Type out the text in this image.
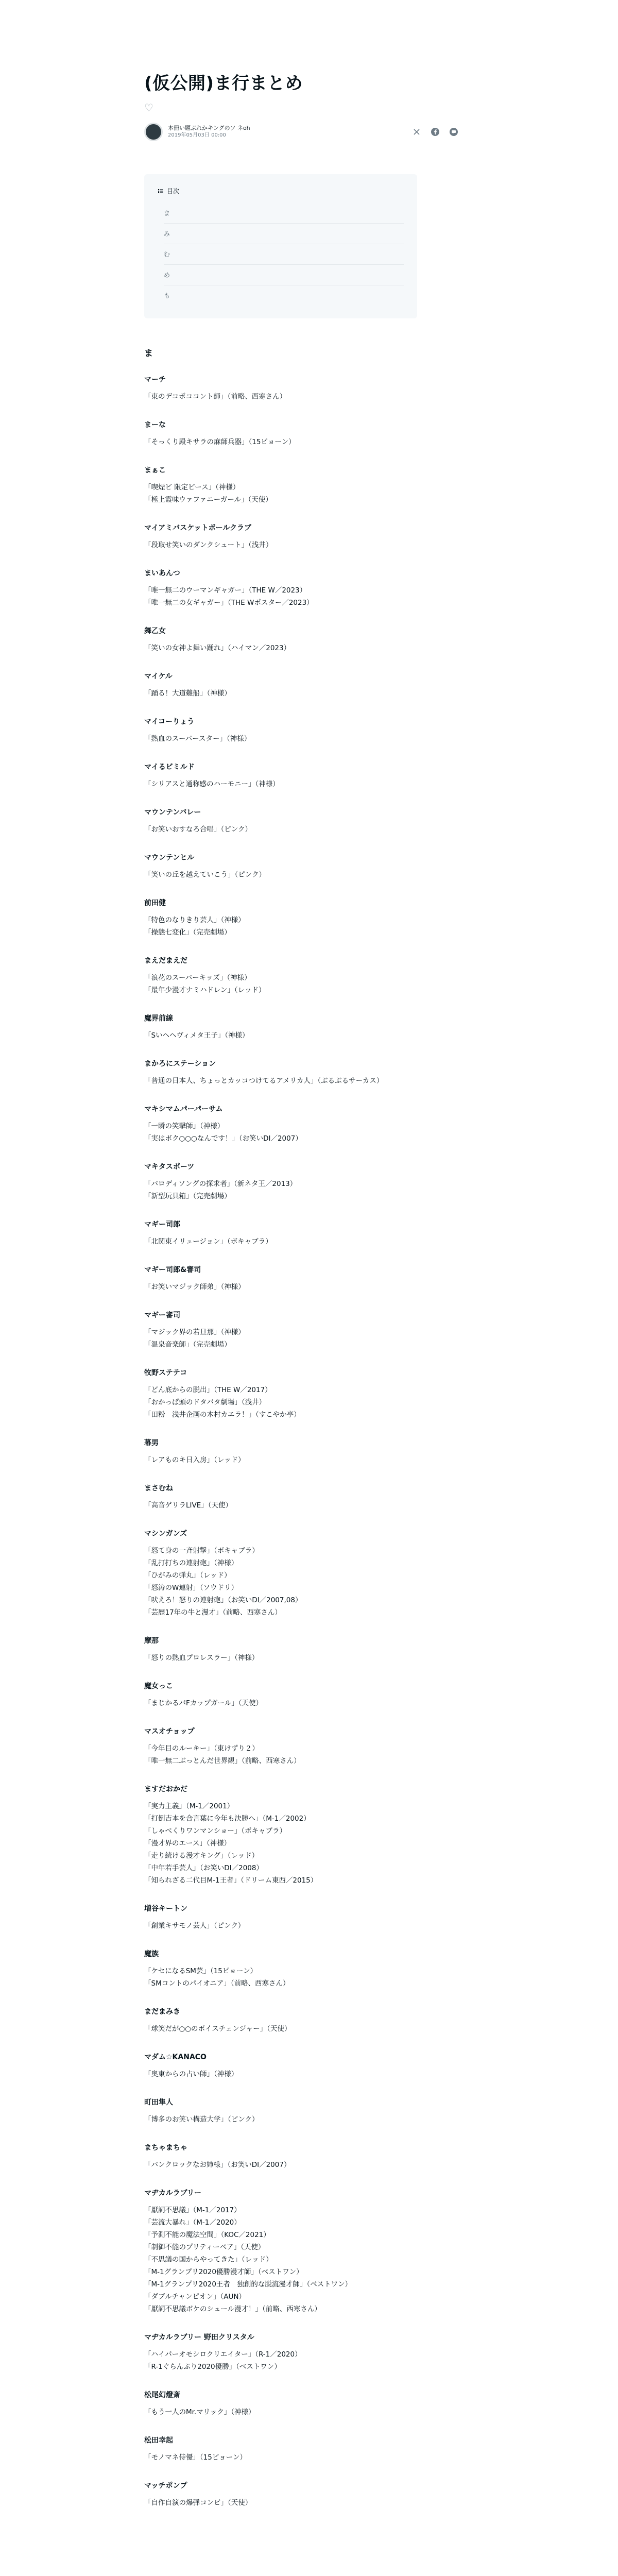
(仮公開)ま行まとめ
♡
本冊い題ぶれかキングのソ ネoh
2019年05月03日 00:00
目次
ま
み
む
め
も
ま
マーチ
「東のデコポココント師」（前略、西寒さん）
まーな
「そっくり殿キサラの麻師兵器」（15ピョーン）
まぁこ
「喫煙ビ 限定ピース」（神様）
「極上霞味ウァファニーガール」（天使）
マイアミバスケットボールクラブ
「段取せ笑いのダンクシュート」（浅井）
まいあんつ
「唯一無二のウーマンギャガー」（THE W／2023）
「唯一無二の女ギャガー」（THE Wポスター／2023）
舞乙女
「笑いの女神よ舞い踊れ」（ハイマン／2023）
マイケル
「踊る！大道難船」（神様）
マイコーりょう
「熱血のスーパースター」（神様）
マイるビミルド
「シリアスと通称感のハーモニー」（神様）
マウンテンバレー
「お笑いおすなろ合唱」（ピンク）
マウンテンヒル
「笑いの丘を越えていこう」（ピンク）
前田健
「特色のなりきり芸人」（神様）
「操態七変化」（完売劇場）
まえだまえだ
「浪花のスーパーキッズ」（神様）
「最年少漫才ナミハドレン」（レッド）
魔界前線
「Sいヘヘヴィメタ王子」（神様）
まかろにステーション
「普通の日本人、ちょっとカッコつけてるアメリカ人」（ぶるぶるサーカス）
マキシマムパーパーサム
「一瞬の笑撃師」（神様）
「実はボク○○○なんです！」（お笑いDI／2007）
マキタスポーツ
「パロディソングの探求者」（新ネタ王／2013）
「新型玩具箱」（完売劇場）
マギー司郎
「北関東イリュージョン」（ボキャブラ）
マギー司郎&審司
「お笑いマジック師弟」（神様）
マギー審司
「マジック界の若旦那」（神様）
「温泉音楽師」（完売劇場）
牧野ステテコ
「どん底からの脱出」（THE W／2017）
「おかっぱ頭のドタバタ劇場」（浅井）
「田粉　浅井企画の木村カエラ！」（すこやか亭）
幕男
「レアものキ日入房」（レッド）
まさむね
「高音ゲリラLIVE」（天使）
マシンガンズ
「怒て身の一斉射撃」（ボキャブラ）
「乱打打ちの連射砲」（神様）
「ひがみの弾丸」（レッド）
「怒涛のW連射」（ソウドリ）
「吠えろ！怒りの連射砲」（お笑いDI／2007,08）
「芸歴17年の牛と漫才」（前略、西寒さん）
摩那
「怒りの熱血プロレスラー」（神様）
魔女っこ
「まじかるパFカップガール」（天使）
マスオチョップ
「今年目のルーキー」（東けずり２）
「唯一無二ぶっとんだ世界観」（前略、西寒さん）
ますだおかだ
「実力主義」（M-1／2001）
「打倒吉本を合言葉に今年も決勝へ」（M-1／2002）
「しゃべくりワンマンショー」（ボキャブラ）
「漫才界のエース」（神様）
「走り続ける漫才キング」（レッド）
「中年若手芸人」（お笑いDI／2008）
「知られざる二代目M-1王者」（ドリーム東西／2015）
増谷キートン
「創業キサモノ芸人」（ピンク）
魔族
「ケセになるSM芸」（15ピョーン）
「SMコントのパイオニア」（前略、西寒さん）
まだまみき
「球笑だが○○のポイスチェンジャー」（天使）
マダム☆KANACO
「奥東からの占い師」（神様）
町田隼人
「博多のお笑い構造大学」（ピンク）
まちゃまちゃ
「パンクロックなお姉様」（お笑いDI／2007）
マヂカルラブリー
「厭詞不思議」（M-1／2017）
「芸流大暴れ」（M-1／2020）
「予測不能の魔法空間」（KOC／2021）
「制御不能のプリティーベア」（天使）
「不思議の国からやってきた」（レッド）
「M-1グランプリ2020優勝漫才師」（ベストワン）
「M-1グランプリ2020王者　独創的な脱流漫才師」（ベストワン）
「ダブルチャンピオン」（AUN）
「厭詞不思議ボケのシュール漫才！」（前略、西寒さん）
マヂカルラブリー 野田クリスタル
「ハイパーオモシロクリエイター」（R-1／2020）
「R-1ぐらんぷり2020優勝」（ベストワン）
松尾幻燈斎
「もう一人のMr.マリック」（神様）
松田幸起
「モノマネ侍優」（15ピョーン）
マッチポンプ
「自作自演の爆弾コンビ」（天使）
